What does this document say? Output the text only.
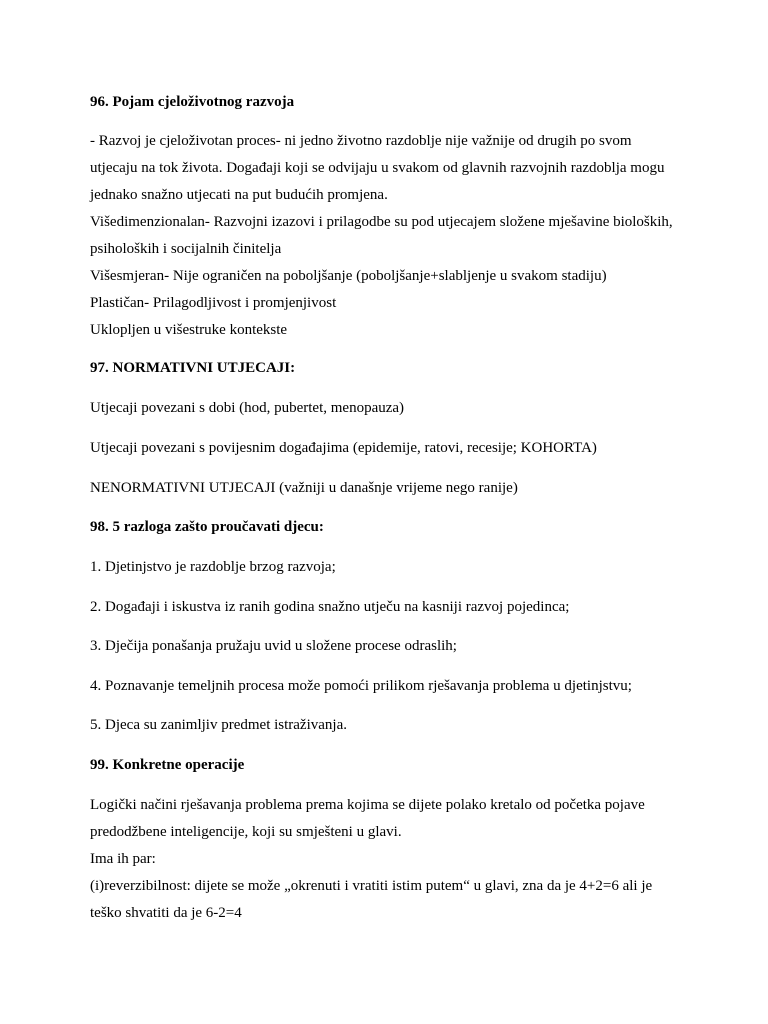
96. Pojam cjeloživotnog razvoja

- Razvoj je cjeloživotan proces- ni jedno životno razdoblje nije važnije od drugih po svom

utjecaju na tok života. Događaji koji se odvijaju u svakom od glavnih razvojnih razdoblja mogu

jednako snažno utjecati na put budućih promjena.

Višedimenzionalan- Razvojni izazovi i prilagodbe su pod utjecajem složene mješavine bioloških,

psiholoških i socijalnih činitelja

Višesmjeran- Nije ograničen na poboljšanje (poboljšanje+slabljenje u svakom stadiju)

Plastičan- Prilagodljivost i promjenjivost

Uklopljen u višestruke kontekste

97. NORMATIVNI UTJECAJI:

Utjecaji povezani s dobi (hod, pubertet, menopauza)

Utjecaji povezani s povijesnim događajima (epidemije, ratovi, recesije; KOHORTA)

NENORMATIVNI UTJECAJI (važniji u današnje vrijeme nego ranije)

98. 5 razloga zašto proučavati djecu:

1. Djetinjstvo je razdoblje brzog razvoja;

2. Događaji i iskustva iz ranih godina snažno utječu na kasniji razvoj pojedinca;

3. Dječija ponašanja pružaju uvid u složene procese odraslih;

4. Poznavanje temeljnih procesa može pomoći prilikom rješavanja problema u djetinjstvu;

5. Djeca su zanimljiv predmet istraživanja.

99. Konkretne operacije

Logički načini rješavanja problema prema kojima se dijete polako kretalo od početka pojave

predodžbene inteligencije, koji su smješteni u glavi.

Ima ih par:

(i)reverzibilnost: dijete se može „okrenuti i vratiti istim putem“ u glavi, zna da je 4+2=6 ali je

teško shvatiti da je 6-2=4
